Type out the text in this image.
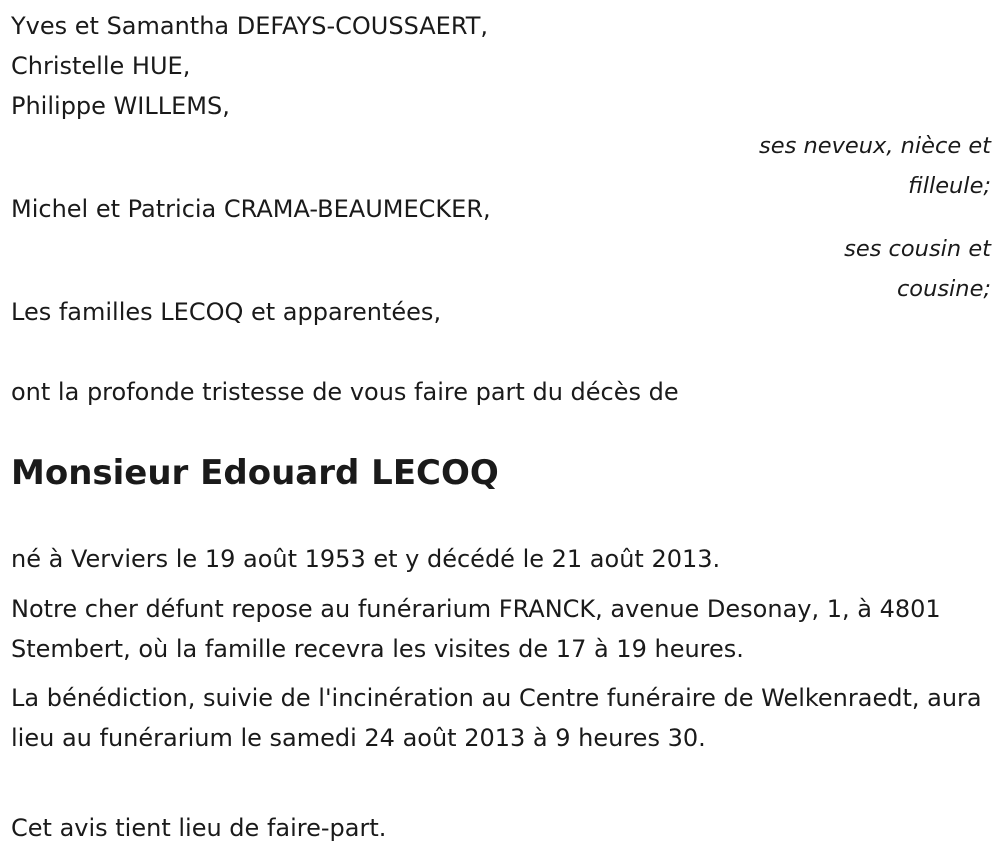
Yves et Samantha DEFAYS-COUSSAERT,

Christelle HUE,

Philippe WILLEMS,

ses neveux, nièce et

filleule;

Michel et Patricia CRAMA-BEAUMECKER,

ses cousin et

cousine;

Les familles LECOQ et apparentées,

ont la profonde tristesse de vous faire part du décès de

Monsieur Edouard LECOQ

né à Verviers le 19 août 1953 et y décédé le 21 août 2013.

Notre cher défunt repose au funérarium FRANCK, avenue Desonay, 1, à 4801 Stembert, où la famille recevra les visites de 17 à 19 heures.

La bénédiction, suivie de l'incinération au Centre funéraire de Welkenraedt, aura lieu au funérarium le samedi 24 août 2013 à 9 heures 30.

Cet avis tient lieu de faire-part.
